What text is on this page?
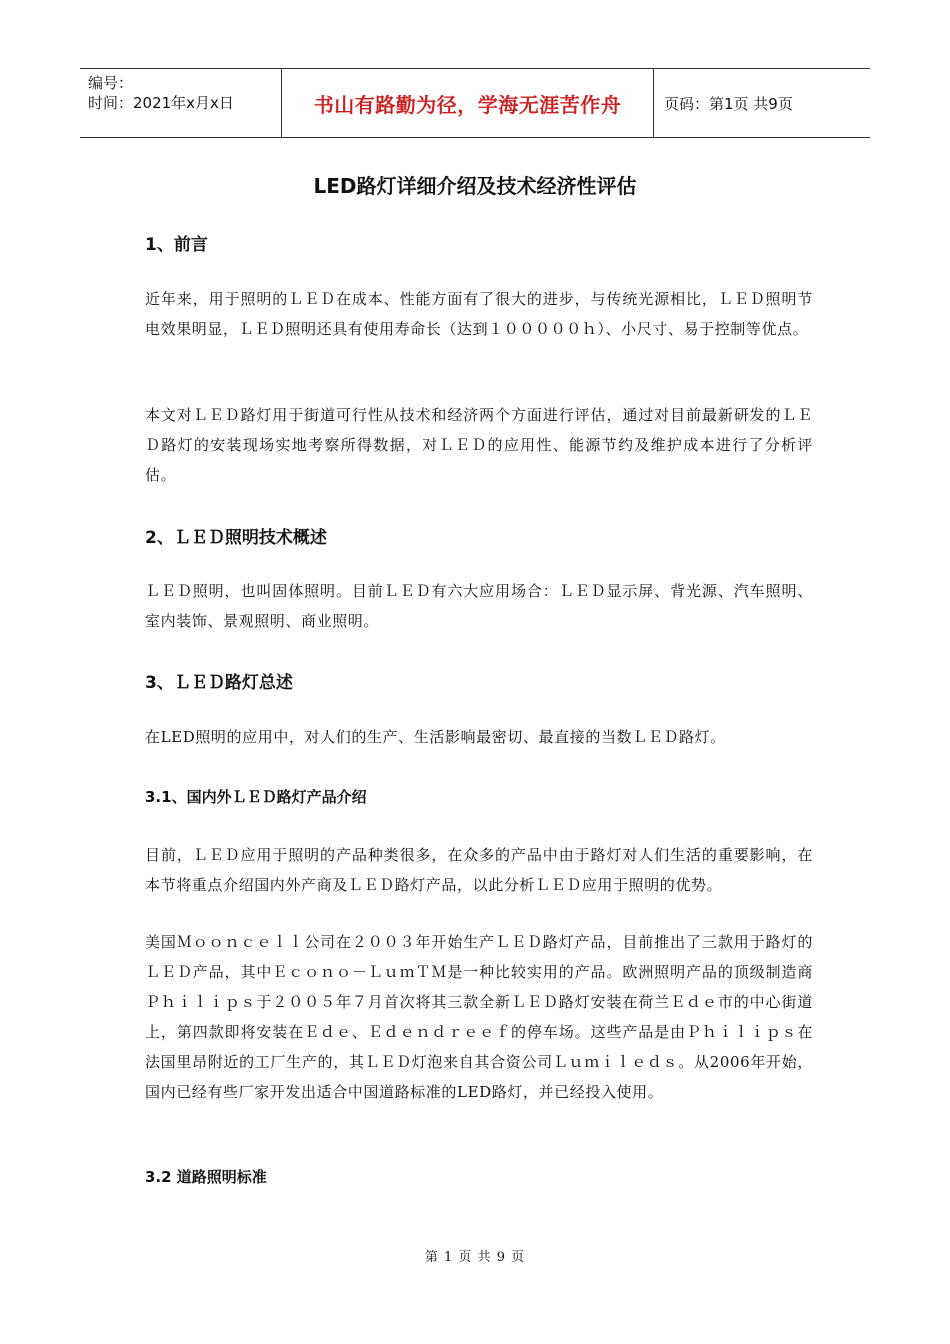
编号：
时间：2021年x月x日	书山有路勤为径，学海无涯苦作舟	页码：第1页 共9页
LED路灯详细介绍及技术经济性评估
1、前言
近年来，用于照明的ＬＥＤ在成本、性能方面有了很大的进步，与传统光源相比，ＬＥＤ照明节电效果明显，ＬＥＤ照明还具有使用寿命长（达到１０００００ｈ）、小尺寸、易于控制等优点。
本文对ＬＥＤ路灯用于街道可行性从技术和经济两个方面进行评估，通过对目前最新研发的ＬＥＤ路灯的安装现场实地考察所得数据，对ＬＥＤ的应用性、能源节约及维护成本进行了分析评估。
2、ＬＥＤ照明技术概述
ＬＥＤ照明，也叫固体照明。目前ＬＥＤ有六大应用场合：ＬＥＤ显示屏、背光源、汽车照明、室内装饰、景观照明、商业照明。
3、ＬＥＤ路灯总述
在LED照明的应用中，对人们的生产、生活影响最密切、最直接的当数ＬＥＤ路灯。
3.1、国内外ＬＥＤ路灯产品介绍
目前，ＬＥＤ应用于照明的产品种类很多，在众多的产品中由于路灯对人们生活的重要影响，在本节将重点介绍国内外产商及ＬＥＤ路灯产品，以此分析ＬＥＤ应用于照明的优势。
美国Ｍｏｏｎｃｅｌｌ公司在２００３年开始生产ＬＥＤ路灯产品，目前推出了三款用于路灯的ＬＥＤ产品，其中Ｅｃｏｎｏ－ＬｕｍＴＭ是一种比较实用的产品。欧洲照明产品的顶级制造商Ｐｈｉｌｉｐｓ于２００５年７月首次将其三款全新ＬＥＤ路灯安装在荷兰Ｅｄｅ市的中心街道上，第四款即将安装在Ｅｄｅ、Ｅｄｅｎｄｒｅｅｆ的停车场。这些产品是由Ｐｈｉｌｉｐｓ在法国里昂附近的工厂生产的，其ＬＥＤ灯泡来自其合资公司Ｌｕｍｉｌｅｄｓ。从2006年开始，国内已经有些厂家开发出适合中国道路标准的LED路灯，并已经投入使用。
3.2 道路照明标准
第 1 页 共 9 页
